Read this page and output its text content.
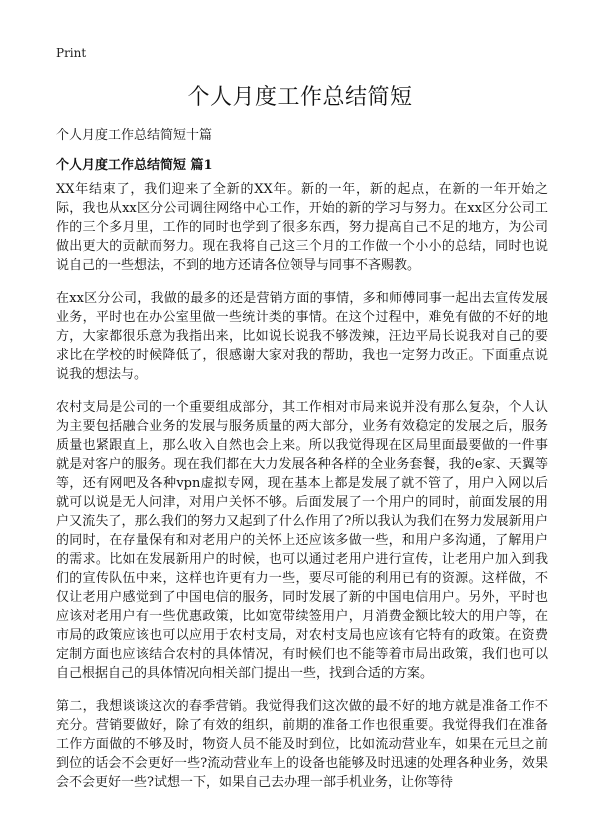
Print
个人月度工作总结简短

个人月度工作总结简短十篇

个人月度工作总结简短 篇1

XX年结束了，我们迎来了全新的XX年。新的一年，新的起点，在新的一年开始之际，我也从xx区分公司调往网络中心工作，开始的新的学习与努力。在xx区分公司工作的三个多月里，工作的同时也学到了很多东西，努力提高自己不足的地方，为公司做出更大的贡献而努力。现在我将自己这三个月的工作做一个小小的总结，同时也说说自己的一些想法，不到的地方还请各位领导与同事不吝赐教。

在xx区分公司，我做的最多的还是营销方面的事情，多和师傅同事一起出去宣传发展业务，平时也在办公室里做一些统计类的事情。在这个过程中，难免有做的不好的地方，大家都很乐意为我指出来，比如说长说我不够泼辣，汪边平局长说我对自己的要求比在学校的时候降低了，很感谢大家对我的帮助，我也一定努力改正。下面重点说说我的想法与。

农村支局是公司的一个重要组成部分，其工作相对市局来说并没有那么复杂，个人认为主要包括融合业务的发展与服务质量的两大部分，业务有效稳定的发展之后，服务质量也紧跟直上，那么收入自然也会上来。所以我觉得现在区局里面最要做的一件事就是对客户的服务。现在我们都在大力发展各种各样的全业务套餐，我的e家、天翼等等，还有网吧及各种vpn虚拟专网，现在基本上都是发展了就不管了，用户入网以后就可以说是无人问津，对用户关怀不够。后面发展了一个用户的同时，前面发展的用户又流失了，那么我们的努力又起到了什么作用了?所以我认为我们在努力发展新用户的同时，在存量保有和对老用户的关怀上还应该多做一些，和用户多沟通，了解用户的需求。比如在发展新用户的时候，也可以通过老用户进行宣传，让老用户加入到我们的宣传队伍中来，这样也许更有力一些，要尽可能的利用已有的资源。这样做，不仅让老用户感觉到了中国电信的服务，同时发展了新的中国电信用户。另外，平时也应该对老用户有一些优惠政策，比如宽带续签用户，月消费金额比较大的用户等，在市局的政策应该也可以应用于农村支局，对农村支局也应该有它特有的政策。在资费定制方面也应该结合农村的具体情况，有时候们也不能等着市局出政策，我们也可以自己根据自己的具体情况向相关部门提出一些，找到合适的方案。

第二，我想谈谈这次的春季营销。我觉得我们这次做的最不好的地方就是准备工作不充分。营销要做好，除了有效的组织，前期的准备工作也很重要。我觉得我们在准备工作方面做的不够及时，物资人员不能及时到位，比如流动营业车，如果在元旦之前到位的话会不会更好一些?流动营业车上的设备也能够及时迅速的处理各种业务，效果会不会更好一些?试想一下，如果自己去办理一部手机业务，让你等待
